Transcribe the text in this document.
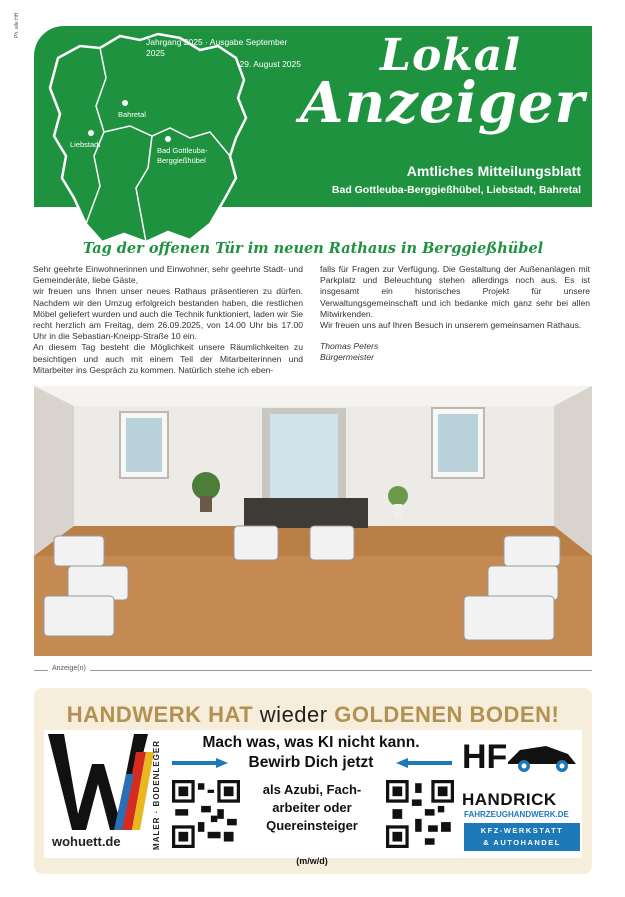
Ph. alle HH
Bahretal
Liebstadt
Bad Gottleuba-
Berggießhübel
Jahrgang 2025 · Ausgabe September 2025
29. August 2025 Lokal
Anzeiger
Amtliches Mitteilungsblatt
Bad Gottleuba-Berggießhübel, Liebstadt, Bahretal
Tag der offenen Tür im neuen Rathaus in Berggießhübel

Sehr geehrte Einwohnerinnen und Einwohner, sehr geehrte Stadt- und Gemeinderäte, liebe Gäste,

wir freuen uns Ihnen unser neues Rathaus präsentieren zu dürfen. Nachdem wir den Umzug erfolgreich bestanden haben, die restlichen Möbel geliefert wurden und auch die Technik funktioniert, laden wir Sie recht herzlich am Freitag, dem 26.09.2025, von 14.00 Uhr bis 17.00 Uhr in die Sebastian-Kneipp-Straße 10 ein.

An diesem Tag besteht die Möglichkeit unsere Räumlichkeiten zu besichtigen und auch mit einem Teil der Mitarbeiterinnen und Mitarbeiter ins Gespräch zu kommen. Natürlich stehe ich eben-

falls für Fragen zur Verfügung. Die Gestaltung der Außenanlagen mit Parkplatz und Beleuchtung stehen allerdings noch aus. Es ist insgesamt ein historisches Projekt für unsere Verwaltungsgemeinschaft und ich bedanke mich ganz sehr bei allen Mitwirkenden.

Wir freuen uns auf Ihren Besuch in unserem gemeinsamen Rathaus.

Thomas Peters
Bürgermeister
Anzeige(n)
HANDWERK HAT wieder GOLDENEN BODEN!
wohuett.de	MALER · BODENLEGER	Mach was, was KI nicht kann.
Bewirb Dich jetzt
als Azubi, Fach-
arbeiter oder
Quereinsteiger
(m/w/d)
HF
HANDRICK
FAHRZEUGHANDWERK.DE
KFZ-WERKSTATT
& AUTOHANDEL
